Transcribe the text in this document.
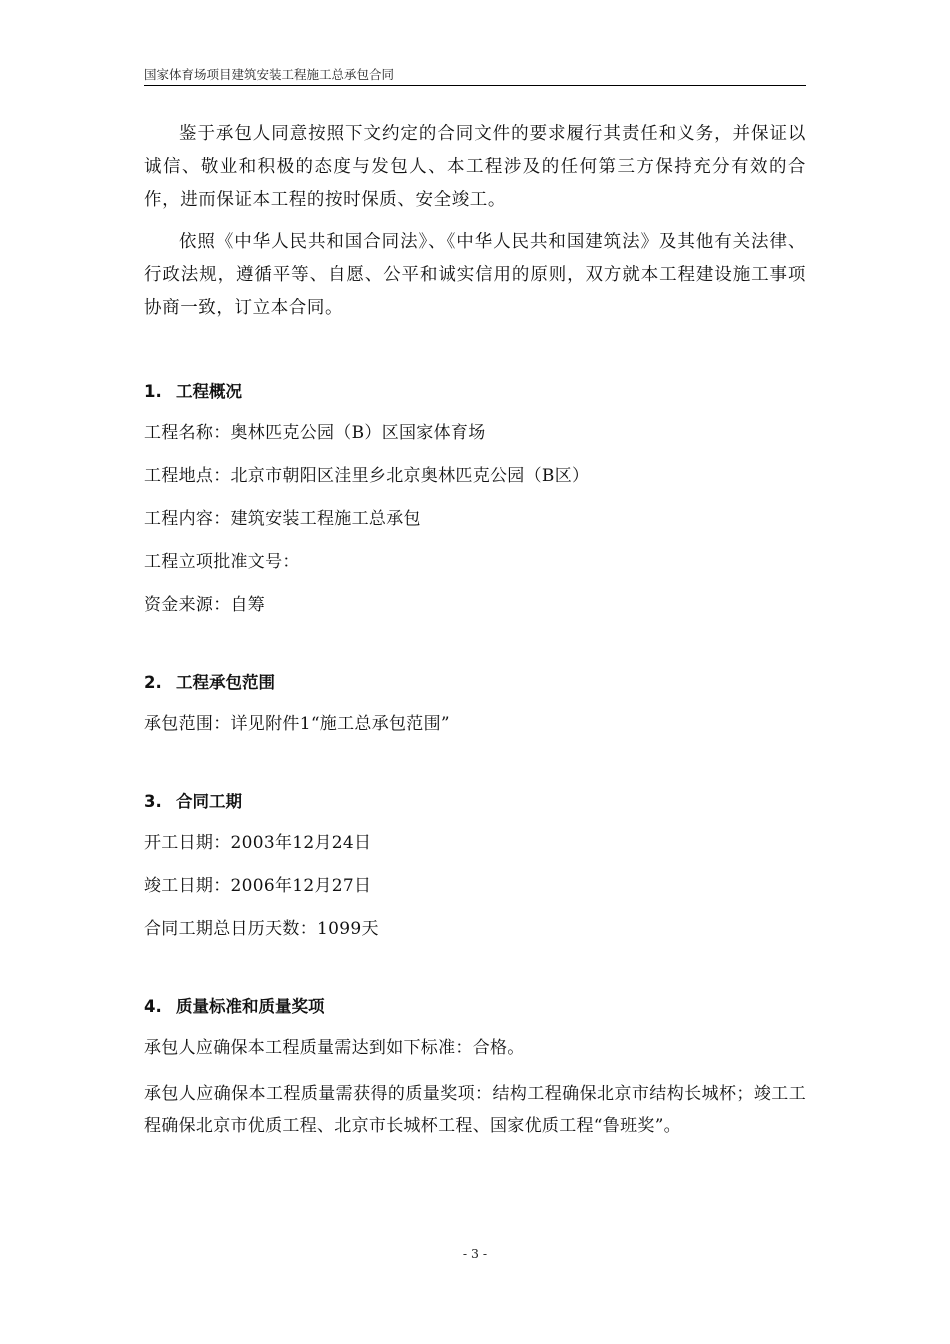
国家体育场项目建筑安装工程施工总承包合同

鉴于承包人同意按照下文约定的合同文件的要求履行其责任和义务，并保证以诚信、敬业和积极的态度与发包人、本工程涉及的任何第三方保持充分有效的合作，进而保证本工程的按时保质、安全竣工。

依照《中华人民共和国合同法》、《中华人民共和国建筑法》及其他有关法律、行政法规，遵循平等、自愿、公平和诚实信用的原则，双方就本工程建设施工事项协商一致，订立本合同。

1. 工程概况
工程名称：奥林匹克公园（B）区国家体育场
工程地点：北京市朝阳区洼里乡北京奥林匹克公园（B区）
工程内容：建筑安装工程施工总承包
工程立项批准文号：
资金来源：自筹
2. 工程承包范围
承包范围：详见附件1“施工总承包范围”
3. 合同工期
开工日期：2003年12月24日
竣工日期：2006年12月27日
合同工期总日历天数：1099天
4. 质量标准和质量奖项
承包人应确保本工程质量需达到如下标准：合格。
承包人应确保本工程质量需获得的质量奖项：结构工程确保北京市结构长城杯；竣工工程确保北京市优质工程、北京市长城杯工程、国家优质工程“鲁班奖”。
- 3 -
